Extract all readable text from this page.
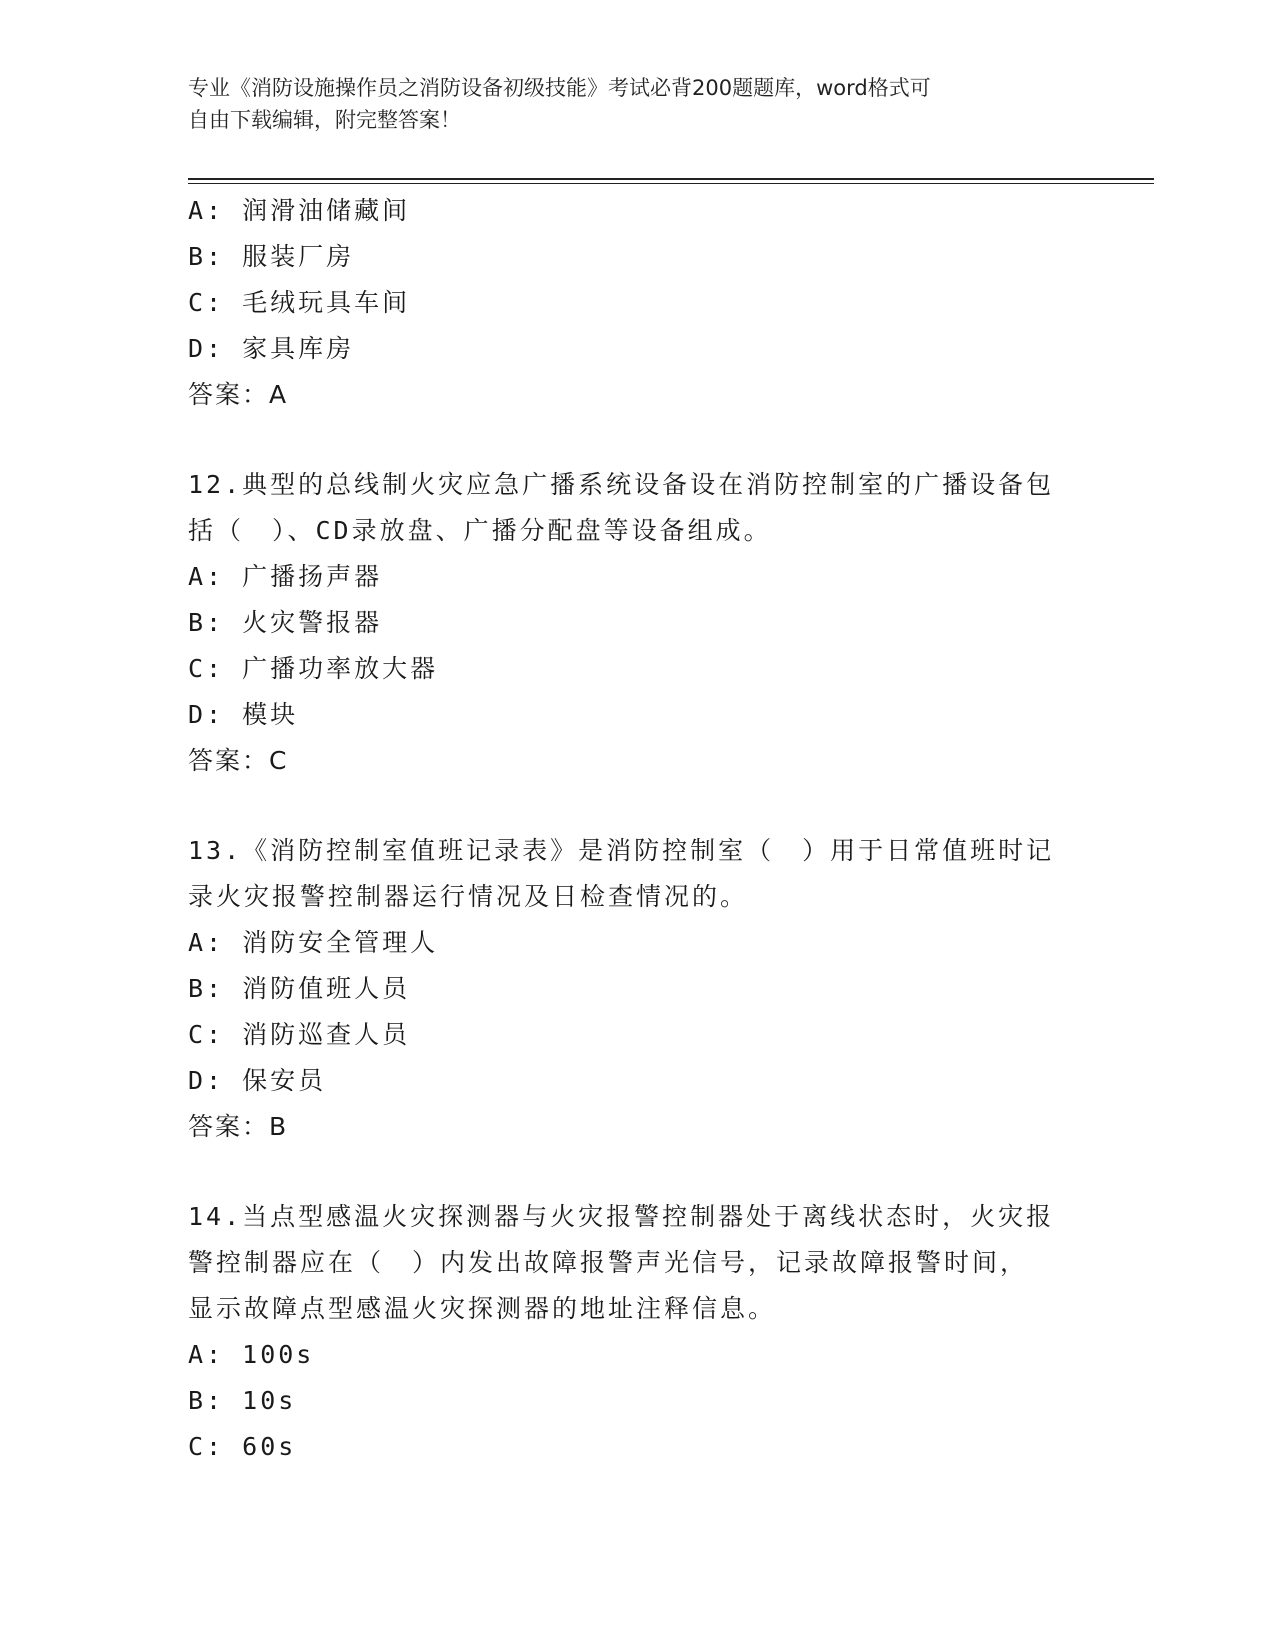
专业《消防设施操作员之消防设备初级技能》考试必背200题题库，word格式可
自由下载编辑，附完整答案！
A: 润滑油储藏间
B: 服装厂房
C: 毛绒玩具车间
D: 家具库房
答案：A
12.典型的总线制火灾应急广播系统设备设在消防控制室的广播设备包
括（　）、CD录放盘、广播分配盘等设备组成。
A: 广播扬声器
B: 火灾警报器
C: 广播功率放大器
D: 模块
答案：C
13.《消防控制室值班记录表》是消防控制室（　）用于日常值班时记
录火灾报警控制器运行情况及日检查情况的。
A: 消防安全管理人
B: 消防值班人员
C: 消防巡查人员
D: 保安员
答案：B
14.当点型感温火灾探测器与火灾报警控制器处于离线状态时，火灾报
警控制器应在（　）内发出故障报警声光信号，记录故障报警时间，
显示故障点型感温火灾探测器的地址注释信息。
A: 100s
B: 10s
C: 60s
